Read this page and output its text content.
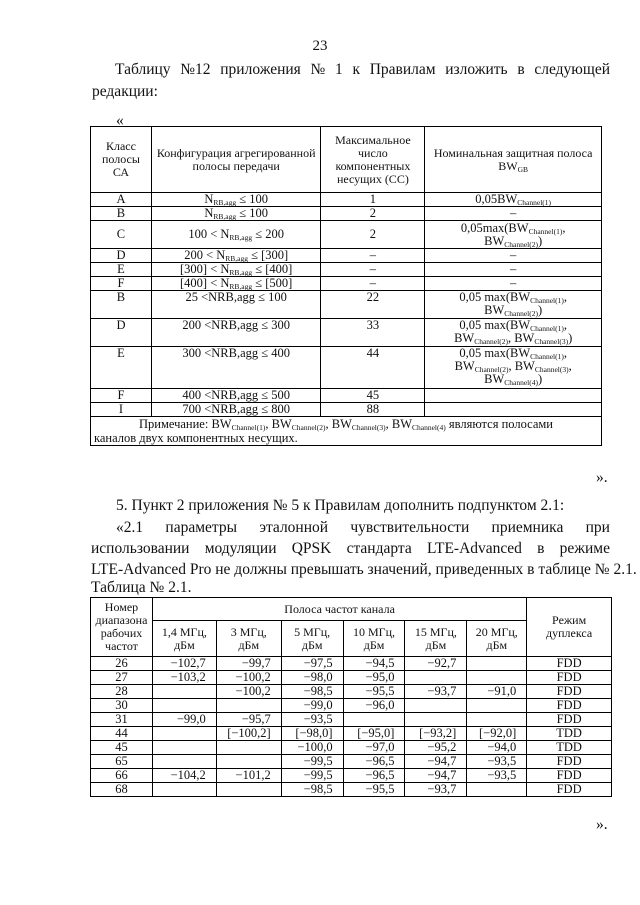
23
Таблицу №12 приложения № 1 к Правилам изложить в следующей
редакции:
«
Класс полосы СА	Конфигурация агрегированной полосы передачи	Максимальное число компонентных несущих (СС)	Номинальная защитная полоса $BW_{GB}$
A	$N_{RB,agg} \le 100$	1	$0,05BW_{Channel(1)}$
B	$N_{RB,agg} \le 100$	2	–
C	$100 < N_{RB,agg} \le 200$	2	$0,05\max(BW_{Channel(1)}$,
$BW_{Channel(2)}$)

D	$200 < N_{RB,agg} \le [300]$	–	–
E	$[300] < N_{RB,agg} \le [400]$	–	–
F	$[400] < N_{RB,agg} \le [500]$	–	–
B	25 <NRB,agg ≤ 100	22	0,05 $\max(BW_{Channel(1)}$,
$BW_{Channel(2)}$)

D	200 <NRB,agg ≤ 300	33	0,05 $\max(BW_{Channel(1)}$,
$BW_{Channel(2)}$, $BW_{Channel(3)}$)

E	300 <NRB,agg ≤ 400	44	0,05 $\max(BW_{Channel(1)}$,
$BW_{Channel(2)}$, $BW_{Channel(3)}$,
$BW_{Channel(4)}$)

F	400 <NRB,agg ≤ 500	45	
I	700 <NRB,agg ≤ 800	88	

Примечание: $BW_{Channel(1)}$, $BW_{Channel(2)}$, $BW_{Channel(3)}$, $BW_{Channel(4)}$ являются полосами
каналов двух компонентных несущих.			
».
5. Пункт 2 приложения № 5 к Правилам дополнить подпунктом 2.1:
«2.1 параметры эталонной чувствительности приемника при
использовании модуляции QPSK стандарта LTE-Advanced в режиме
LTE-Advanced Pro не должны превышать значений, приведенных в таблице № 2.1.
Таблица № 2.1.
Номер диапазона рабочих частот	Полоса частот канала						Режим дуплекса
	1,4 МГц, дБм	3 МГц, дБм	5 МГц, дБм	10 МГц, дБм	15 МГц, дБм	20 МГц, дБм	
26	−102,7	−99,7	−97,5	−94,5	−92,7		FDD
27	−103,2	−100,2	−98,0	−95,0			FDD
28		−100,2	−98,5	−95,5	−93,7	−91,0	FDD
30			−99,0	−96,0			FDD
31	−99,0	−95,7	−93,5				FDD
44		[−100,2]	[−98,0]	[−95,0]	[−93,2]	[−92,0]	TDD
45			−100,0	−97,0	−95,2	−94,0	TDD
65			−99,5	−96,5	−94,7	−93,5	FDD
66	−104,2	−101,2	−99,5	−96,5	−94,7	−93,5	FDD
68			−98,5	−95,5	−93,7		FDD
».
